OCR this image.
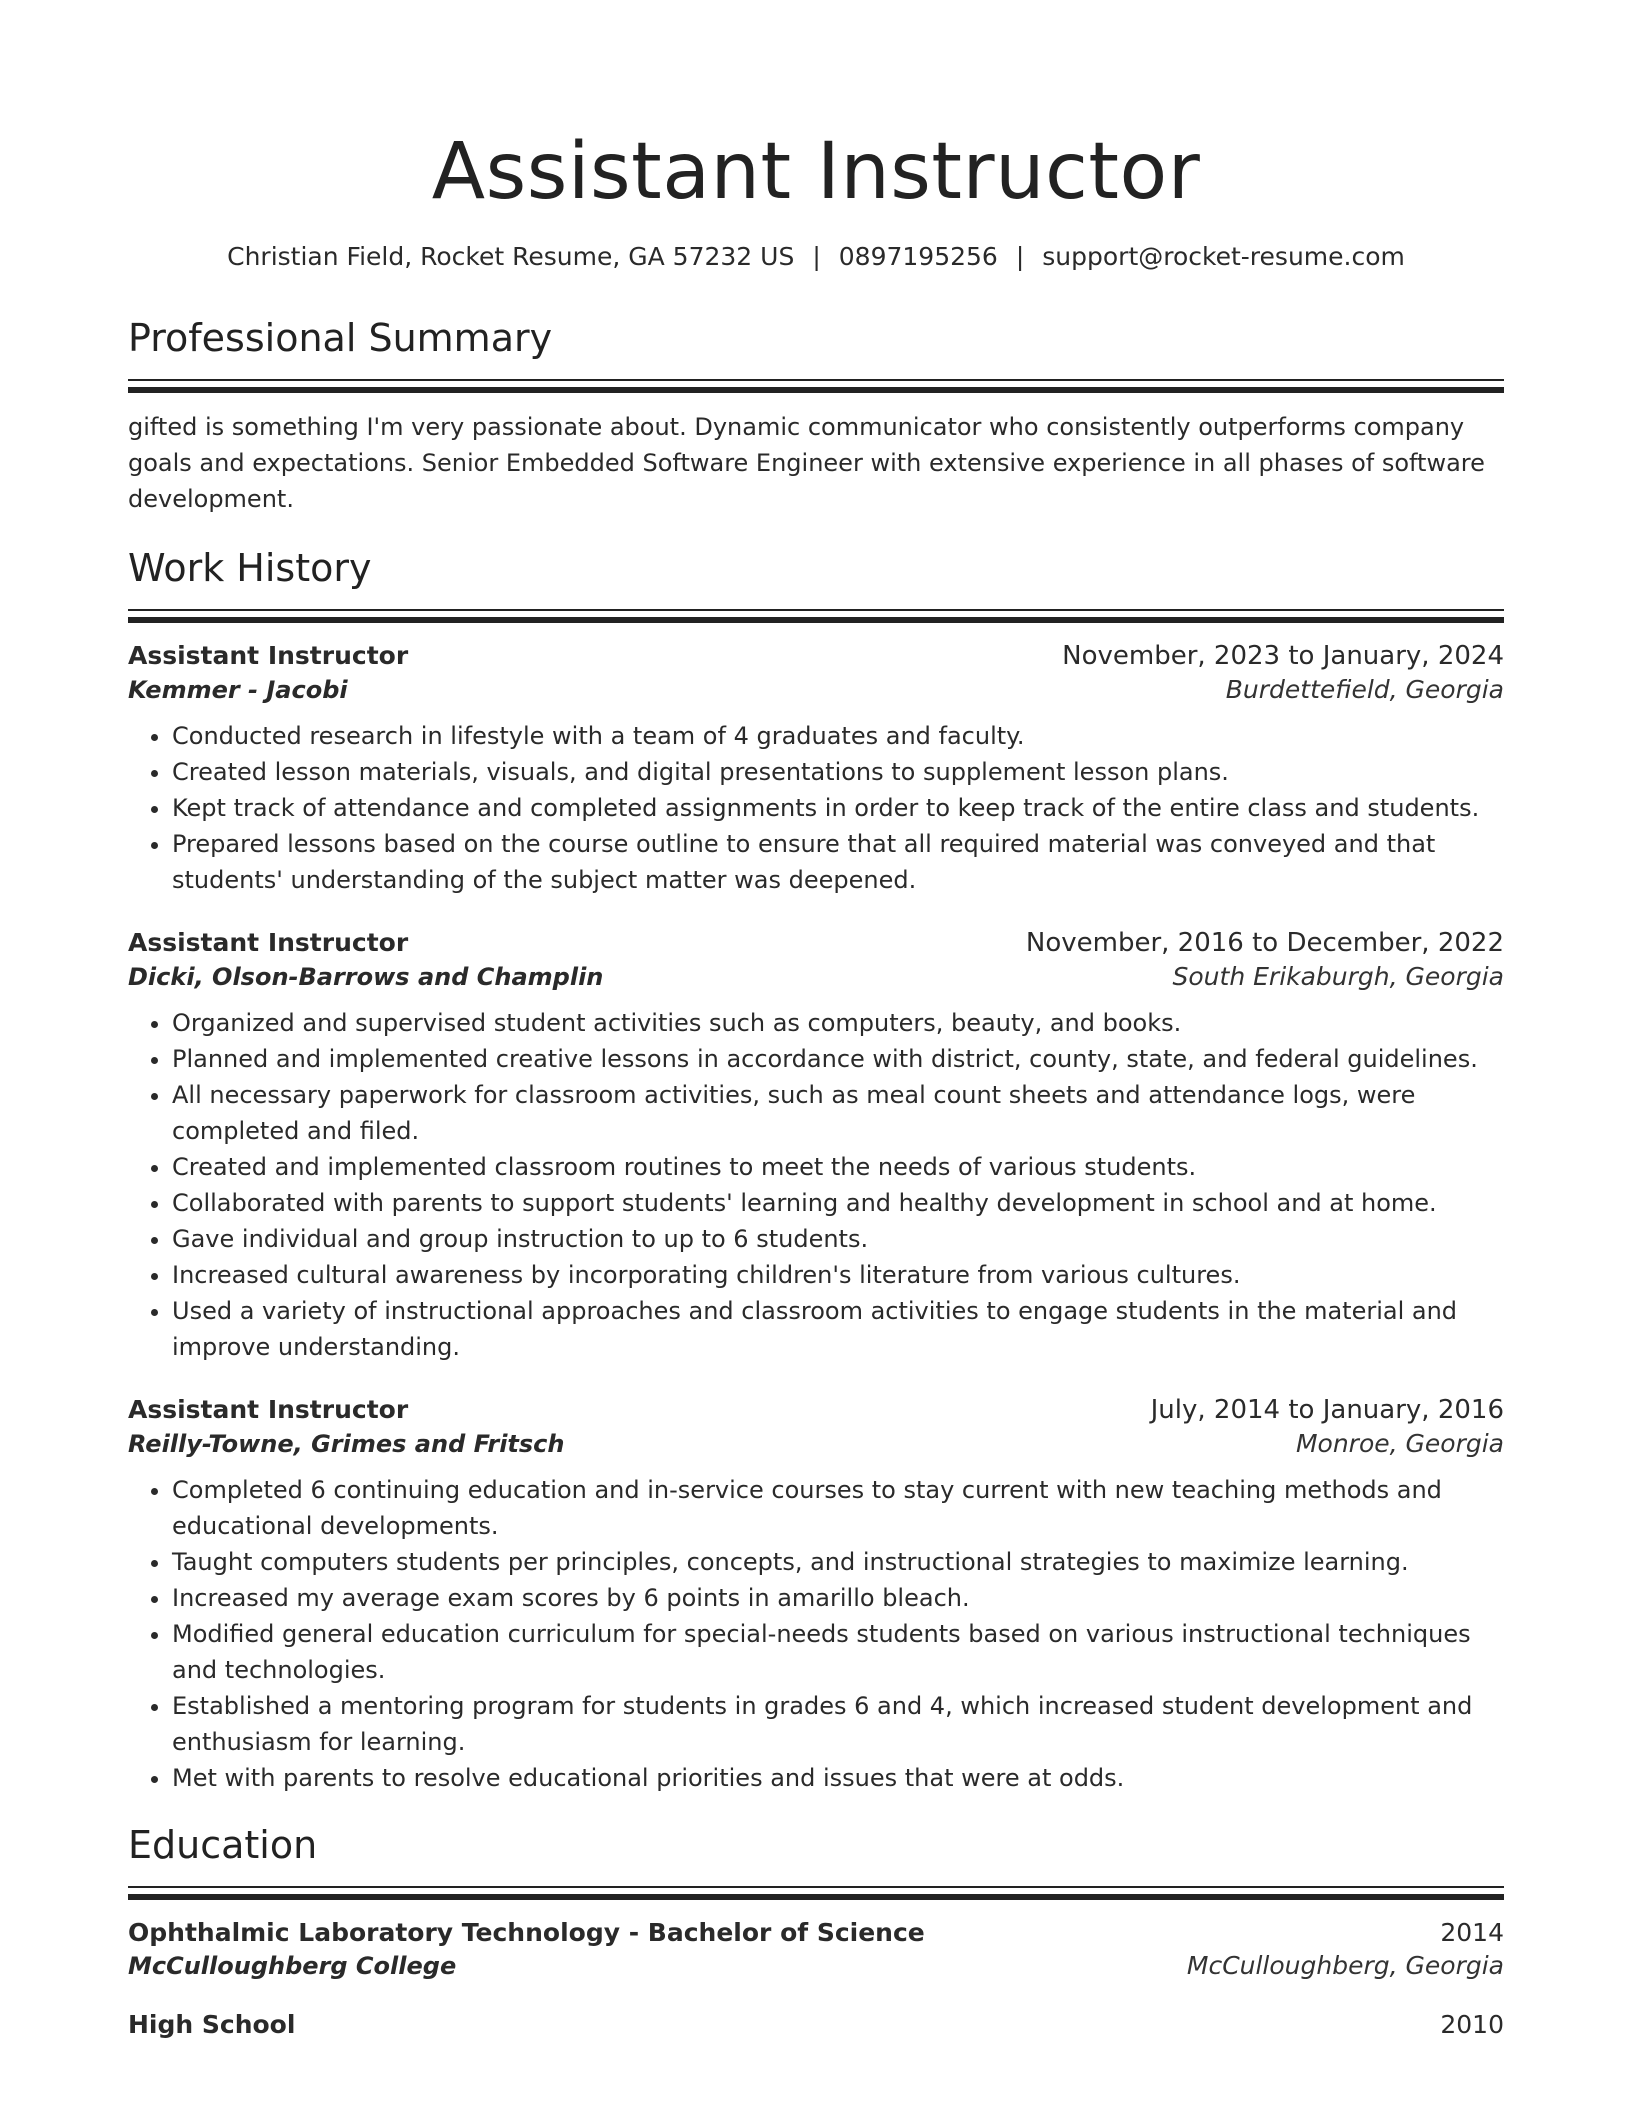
Assistant Instructor
Christian Field, Rocket Resume, GA 57232 US | 0897195256 | support@rocket-resume.com
Professional Summary
gifted is something I'm very passionate about. Dynamic communicator who consistently outperforms company goals and expectations. Senior Embedded Software Engineer with extensive experience in all phases of software development.
Work History
Assistant Instructor	November, 2023 to January, 2024
Kemmer - Jacobi	Burdettefield, Georgia
• Conducted research in lifestyle with a team of 4 graduates and faculty.
• Created lesson materials, visuals, and digital presentations to supplement lesson plans.
• Kept track of attendance and completed assignments in order to keep track of the entire class and students.
• Prepared lessons based on the course outline to ensure that all required material was conveyed and that students' understanding of the subject matter was deepened.
Assistant Instructor	November, 2016 to December, 2022
Dicki, Olson-Barrows and Champlin	South Erikaburgh, Georgia
• Organized and supervised student activities such as computers, beauty, and books.
• Planned and implemented creative lessons in accordance with district, county, state, and federal guidelines.
• All necessary paperwork for classroom activities, such as meal count sheets and attendance logs, were completed and filed.
• Created and implemented classroom routines to meet the needs of various students.
• Collaborated with parents to support students' learning and healthy development in school and at home.
• Gave individual and group instruction to up to 6 students.
• Increased cultural awareness by incorporating children's literature from various cultures.
• Used a variety of instructional approaches and classroom activities to engage students in the material and improve understanding.
Assistant Instructor	July, 2014 to January, 2016
Reilly-Towne, Grimes and Fritsch	Monroe, Georgia
• Completed 6 continuing education and in-service courses to stay current with new teaching methods and educational developments.
• Taught computers students per principles, concepts, and instructional strategies to maximize learning.
• Increased my average exam scores by 6 points in amarillo bleach.
• Modified general education curriculum for special-needs students based on various instructional techniques and technologies.
• Established a mentoring program for students in grades 6 and 4, which increased student development and enthusiasm for learning.
• Met with parents to resolve educational priorities and issues that were at odds.
Education
Ophthalmic Laboratory Technology - Bachelor of Science	2014
McCulloughberg College	McCulloughberg, Georgia
High School	2010
